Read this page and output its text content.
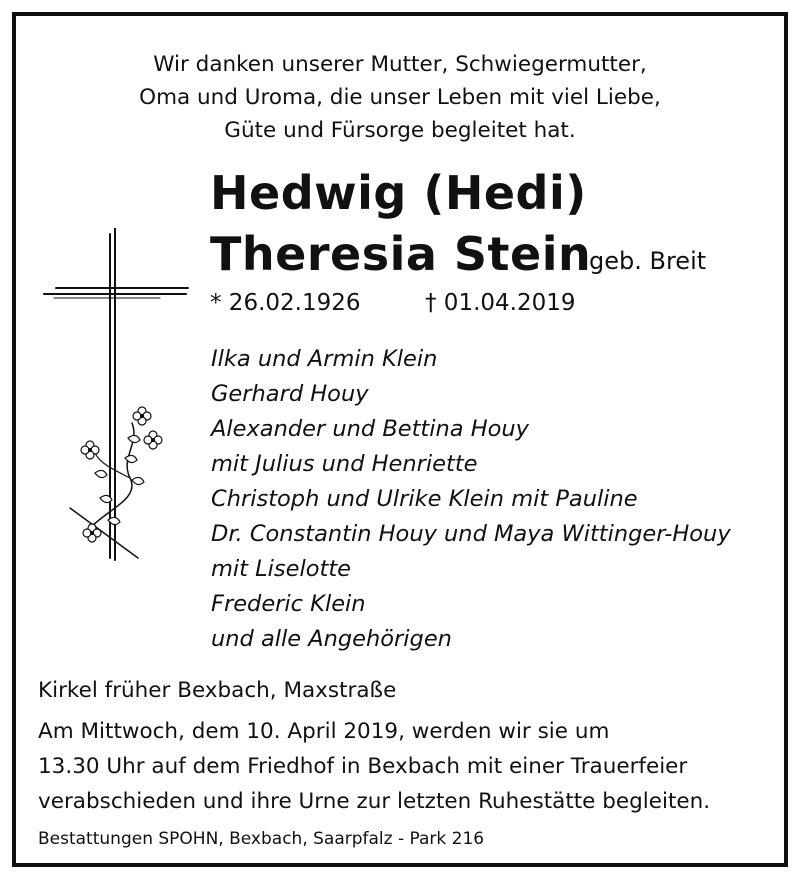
Wir danken unserer Mutter, Schwiegermutter,
Oma und Uroma, die unser Leben mit viel Liebe,
Güte und Fürsorge begleitet hat.
Hedwig (Hedi)
Theresia Stein
geb. Breit
* 26.02.1926	† 01.04.2019
Ilka und Armin Klein
Gerhard Houy
Alexander und Bettina Houy
mit Julius und Henriette
Christoph und Ulrike Klein mit Pauline
Dr. Constantin Houy und Maya Wittinger-Houy
mit Liselotte
Frederic Klein
und alle Angehörigen
Kirkel früher Bexbach, Maxstraße
Am Mittwoch, dem 10. April 2019, werden wir sie um
13.30 Uhr auf dem Friedhof in Bexbach mit einer Trauerfeier
verabschieden und ihre Urne zur letzten Ruhestätte begleiten.
Bestattungen SPOHN, Bexbach, Saarpfalz - Park 216
